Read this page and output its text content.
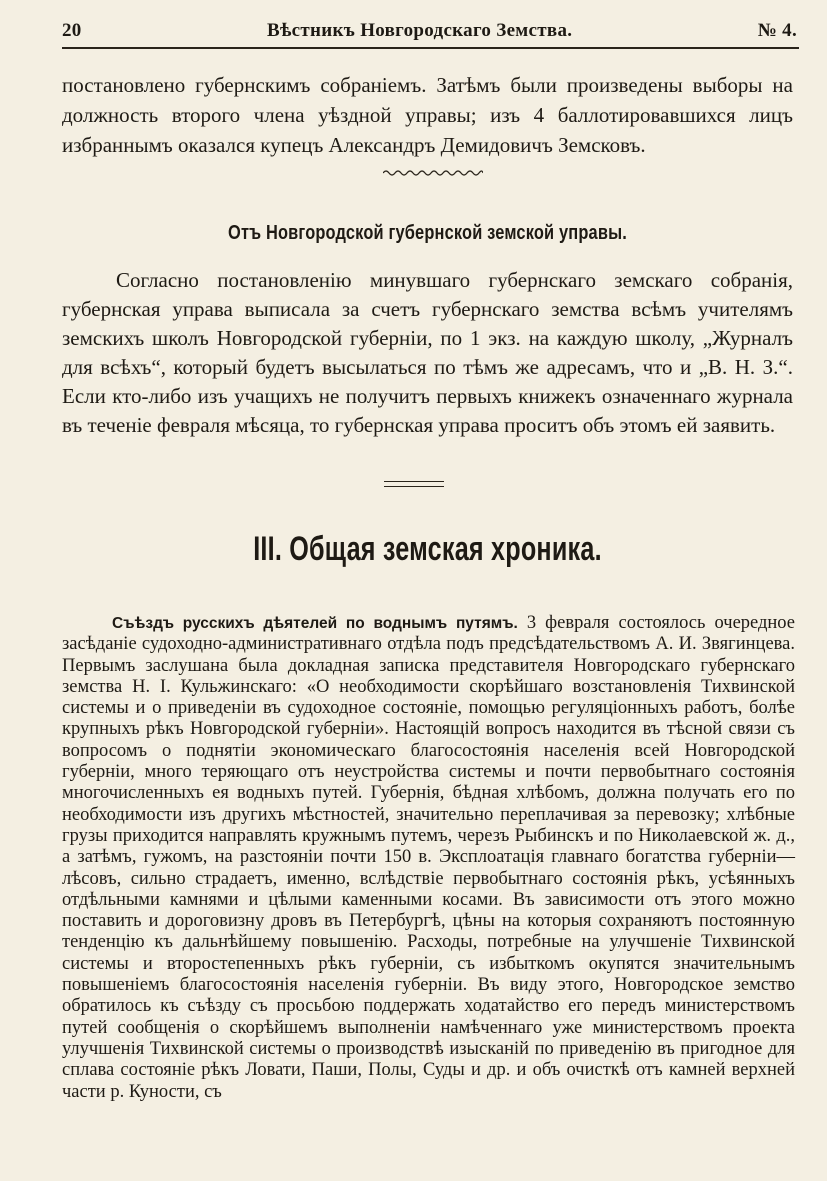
20	Вѣстникъ Новгородскаго Земства.	№ 4.
постановлено губернскимъ собраніемъ. Затѣмъ были произведены выборы на должность второго члена уѣздной управы; изъ 4 баллотировавшихся лицъ избраннымъ оказался купецъ Александръ Демидовичъ Земсковъ.
Отъ Новгородской губернской земской управы.

Согласно постановленію минувшаго губернскаго земскаго собранія, губернская управа выписала за счетъ губернскаго земства всѣмъ учителямъ земскихъ школъ Новгородской губерніи, по 1 экз. на каждую школу, „Журналъ для всѣхъ“, который будетъ высылаться по тѣмъ же адресамъ, что и „В. Н. З.“. Если кто-либо изъ учащихъ не получитъ первыхъ книжекъ означеннаго журнала въ теченіе февраля мѣсяца, то губернская управа проситъ объ этомъ ей заявить.

III. Общая земская хроника.

Съѣздъ русскихъ дѣятелей по воднымъ путямъ. 3 февраля состоялось очередное засѣданіе судоходно-административнаго отдѣла подъ предсѣдательствомъ А. И. Звягинцева. Первымъ заслушана была докладная записка представителя Новгородскаго губернскаго земства Н. І. Кульжинскаго: «О необходимости скорѣйшаго возстановленія Тихвинской системы и о приведеніи въ судоходное состояніе, помощью регуляціонныхъ работъ, болѣе крупныхъ рѣкъ Новгородской губерніи». Настоящій вопросъ находится въ тѣсной связи съ вопросомъ о поднятіи экономическаго благосостоянія населенія всей Новгородской губерніи, много теряющаго отъ неустройства системы и почти первобытнаго состоянія многочисленныхъ ея водныхъ путей. Губернія, бѣдная хлѣбомъ, должна получать его по необходимости изъ другихъ мѣстностей, значительно переплачивая за перевозку; хлѣбные грузы приходится направлять кружнымъ путемъ, черезъ Рыбинскъ и по Николаевской ж. д., а затѣмъ, гужомъ, на разстояніи почти 150 в. Эксплоатація главнаго богатства губерніи—лѣсовъ, сильно страдаетъ, именно, вслѣдствіе первобытнаго состоянія рѣкъ, усѣянныхъ отдѣльными камнями и цѣлыми каменными косами. Въ зависимости отъ этого можно поставить и дороговизну дровъ въ Петербургѣ, цѣны на которыя сохраняютъ постоянную тенденцію къ дальнѣйшему повышенію. Расходы, потребные на улучшеніе Тихвинской системы и второстепенныхъ рѣкъ губерніи, съ избыткомъ окупятся значительнымъ повышеніемъ благосостоянія населенія губерніи. Въ виду этого, Новгородское земство обратилось къ съѣзду съ просьбою поддержать ходатайство его передъ министерствомъ путей сообщенія о скорѣйшемъ выполненіи намѣченнаго уже министерствомъ проекта улучшенія Тихвинской системы о производствѣ изысканій по приведенію въ пригодное для сплава состояніе рѣкъ Ловати, Паши, Полы, Суды и др. и объ очисткѣ отъ камней верхней части р. Куности, съ
